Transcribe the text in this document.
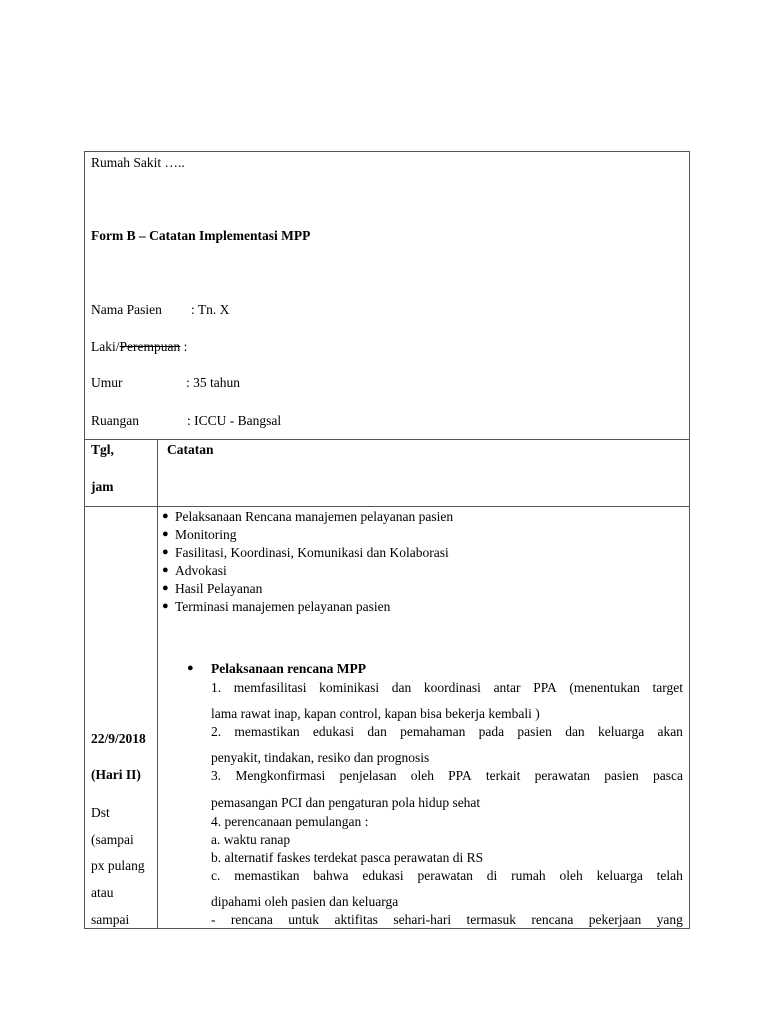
Rumah Sakit …..
Form B – Catatan Implementasi MPP
Nama Pasien : Tn. X
Laki/Perempuan :
Umur	: 35 tahun
Ruangan	: ICCU - Bangsal
Tgl,
jam
Catatan
22/9/2018
(Hari II)
Dst
(sampai
px pulang
atau
sampai
● Pelaksanaan Rencana manajemen pelayanan pasien
● Monitoring
● Fasilitasi, Koordinasi, Komunikasi dan Kolaborasi
● Advokasi
● Hasil Pelayanan
● Terminasi manajemen pelayanan pasien
● Pelaksanaan rencana MPP
1. memfasilitasi kominikasi dan koordinasi antar PPA (menentukan target
lama rawat inap, kapan control, kapan bisa bekerja kembali )
2. memastikan edukasi dan pemahaman pada pasien dan keluarga akan
penyakit, tindakan, resiko dan prognosis
3. Mengkonfirmasi penjelasan oleh PPA terkait perawatan pasien pasca
pemasangan PCI dan pengaturan pola hidup sehat
4. perencanaan pemulangan :
a. waktu ranap
b. alternatif faskes terdekat pasca perawatan di RS
c. memastikan bahwa edukasi perawatan di rumah oleh keluarga telah
dipahami oleh pasien dan keluarga
- rencana untuk aktifitas sehari-hari termasuk rencana pekerjaan yang
